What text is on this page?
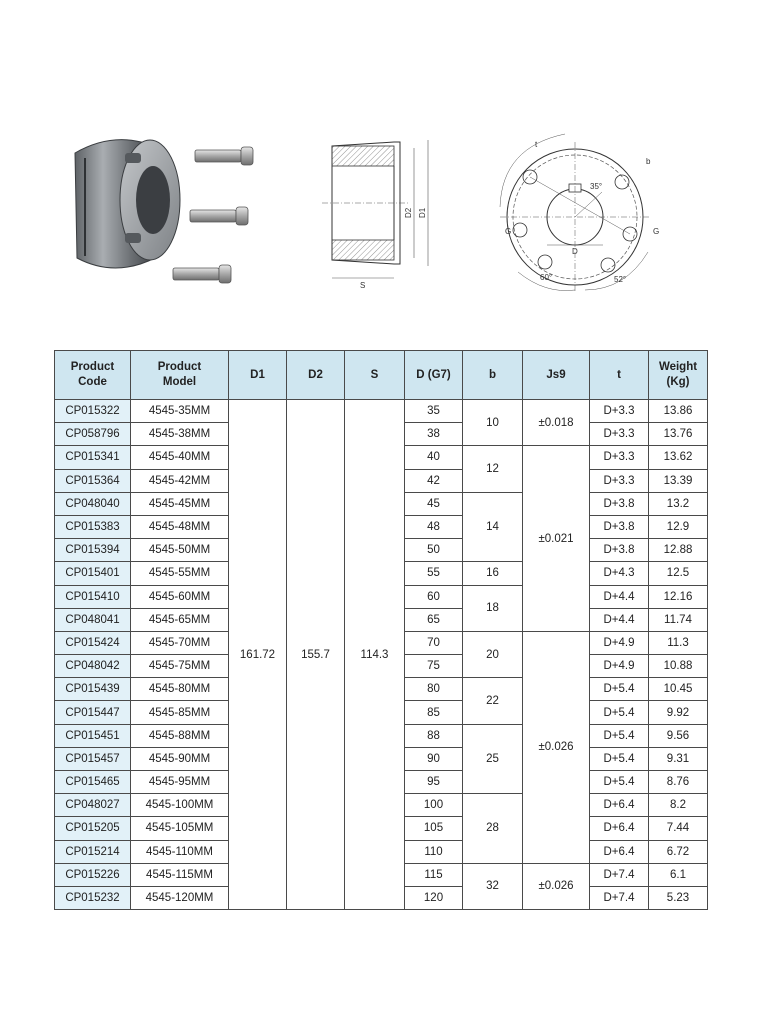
D2 D1
S
t
b
35°
G	G
D
60°	52°
Product
Code	Product
Model	D1	D2	S	D (G7)	b	Js9	t	Weight
(Kg)

CP015322	4545-35MM	161.72	155.7	114.3	35	10	±0.018	D+3.3	13.86
CP058796	4545-38MM				38			D+3.3	13.76
CP015341	4545-40MM				40	12	±0.021	D+3.3	13.62
CP015364	4545-42MM				42			D+3.3	13.39
CP048040	4545-45MM				45	14		D+3.8	13.2
CP015383	4545-48MM				48			D+3.8	12.9
CP015394	4545-50MM				50			D+3.8	12.88
CP015401	4545-55MM				55	16		D+4.3	12.5
CP015410	4545-60MM				60	18		D+4.4	12.16
CP048041	4545-65MM				65			D+4.4	11.74
CP015424	4545-70MM				70	20	±0.026	D+4.9	11.3
CP048042	4545-75MM				75			D+4.9	10.88
CP015439	4545-80MM				80	22		D+5.4	10.45
CP015447	4545-85MM				85			D+5.4	9.92
CP015451	4545-88MM				88	25		D+5.4	9.56
CP015457	4545-90MM				90			D+5.4	9.31
CP015465	4545-95MM				95			D+5.4	8.76
CP048027	4545-100MM				100	28		D+6.4	8.2
CP015205	4545-105MM				105			D+6.4	7.44
CP015214	4545-110MM				110			D+6.4	6.72
CP015226	4545-115MM				115	32	±0.026	D+7.4	6.1
CP015232	4545-120MM				120			D+7.4	5.23
